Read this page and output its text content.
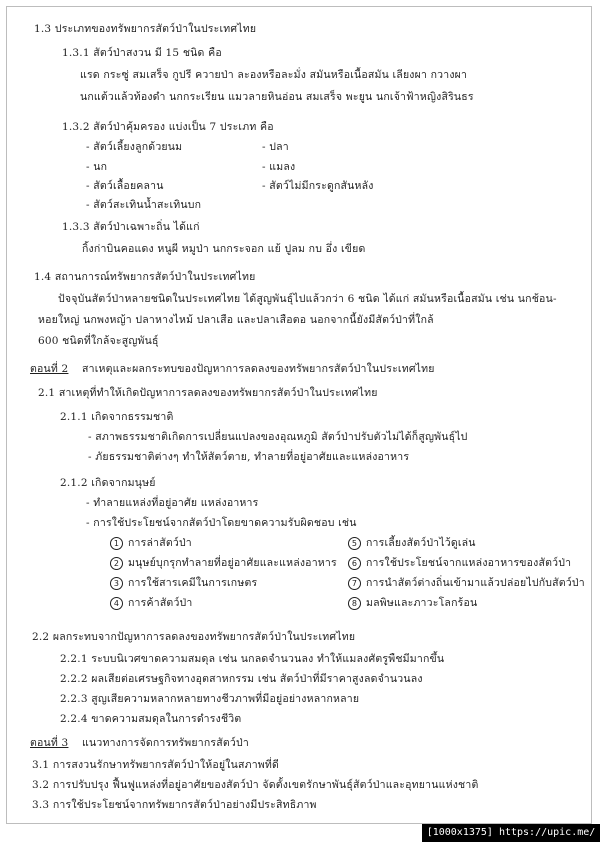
1.3 ประเภทของทรัพยากรสัตว์ป่าในประเทศไทย
1.3.1 สัตว์ป่าสงวน มี 15 ชนิด คือ
แรด กระซู่ สมเสร็จ กูปรี ควายป่า ละองหรือละมั่ง สมันหรือเนื้อสมัน เลียงผา กวางผา
นกแต้วแล้วท้องดำ นกกระเรียน แมวลายหินอ่อน สมเสร็จ พะยูน นกเจ้าฟ้าหญิงสิรินธร
1.3.2 สัตว์ป่าคุ้มครอง แบ่งเป็น 7 ประเภท คือ
- สัตว์เลี้ยงลูกด้วยนม	- ปลา
- นก	- แมลง
- สัตว์เลื้อยคลาน	- สัตว์ไม่มีกระดูกสันหลัง
- สัตว์สะเทินน้ำสะเทินบก
1.3.3 สัตว์ป่าเฉพาะถิ่น ได้แก่
กิ้งก่าบินคอแดง หนูผี หมูป่า นกกระจอก แย้ ปูลม กบ อึ่ง เขียด
1.4 สถานการณ์ทรัพยากรสัตว์ป่าในประเทศไทย
ปัจจุบันสัตว์ป่าหลายชนิดในประเทศไทย ได้สูญพันธุ์ไปแล้วกว่า 6 ชนิด ได้แก่ สมันหรือเนื้อสมัน เช่น นกช้อน-
หอยใหญ่ นกพงหญ้า ปลาหางไหม้ ปลาเสือ และปลาเสือตอ นอกจากนี้ยังมีสัตว์ป่าที่ใกล้
600 ชนิดที่ใกล้จะสูญพันธุ์
ตอนที่ 2 สาเหตุและผลกระทบของปัญหาการลดลงของทรัพยากรสัตว์ป่าในประเทศไทย
2.1 สาเหตุที่ทำให้เกิดปัญหาการลดลงของทรัพยากรสัตว์ป่าในประเทศไทย
2.1.1 เกิดจากธรรมชาติ
- สภาพธรรมชาติเกิดการเปลี่ยนแปลงของอุณหภูมิ สัตว์ป่าปรับตัวไม่ได้ก็สูญพันธุ์ไป
- ภัยธรรมชาติต่างๆ ทำให้สัตว์ตาย, ทำลายที่อยู่อาศัยและแหล่งอาหาร
2.1.2 เกิดจากมนุษย์
- ทำลายแหล่งที่อยู่อาศัย แหล่งอาหาร
- การใช้ประโยชน์จากสัตว์ป่าโดยขาดความรับผิดชอบ เช่น
1 การล่าสัตว์ป่า
2 มนุษย์บุกรุกทำลายที่อยู่อาศัยและแหล่งอาหาร
3 การใช้สารเคมีในการเกษตร
4 การค้าสัตว์ป่า
5 การเลี้ยงสัตว์ป่าไว้ดูเล่น
6 การใช้ประโยชน์จากแหล่งอาหารของสัตว์ป่า
7 การนำสัตว์ต่างถิ่นเข้ามาแล้วปล่อยไปกับสัตว์ป่า
8 มลพิษและภาวะโลกร้อน
2.2 ผลกระทบจากปัญหาการลดลงของทรัพยากรสัตว์ป่าในประเทศไทย
2.2.1 ระบบนิเวศขาดความสมดุล เช่น นกลดจำนวนลง ทำให้แมลงศัตรูพืชมีมากขึ้น
2.2.2 ผลเสียต่อเศรษฐกิจทางอุตสาหกรรม เช่น สัตว์ป่าที่มีราคาสูงลดจำนวนลง
2.2.3 สูญเสียความหลากหลายทางชีวภาพที่มีอยู่อย่างหลากหลาย
2.2.4 ขาดความสมดุลในการดำรงชีวิต
ตอนที่ 3 แนวทางการจัดการทรัพยากรสัตว์ป่า
3.1 การสงวนรักษาทรัพยากรสัตว์ป่าให้อยู่ในสภาพที่ดี
3.2 การปรับปรุง ฟื้นฟูแหล่งที่อยู่อาศัยของสัตว์ป่า จัดตั้งเขตรักษาพันธุ์สัตว์ป่าและอุทยานแห่งชาติ
3.3 การใช้ประโยชน์จากทรัพยากรสัตว์ป่าอย่างมีประสิทธิภาพ
[1000x1375] https://upic.me/
